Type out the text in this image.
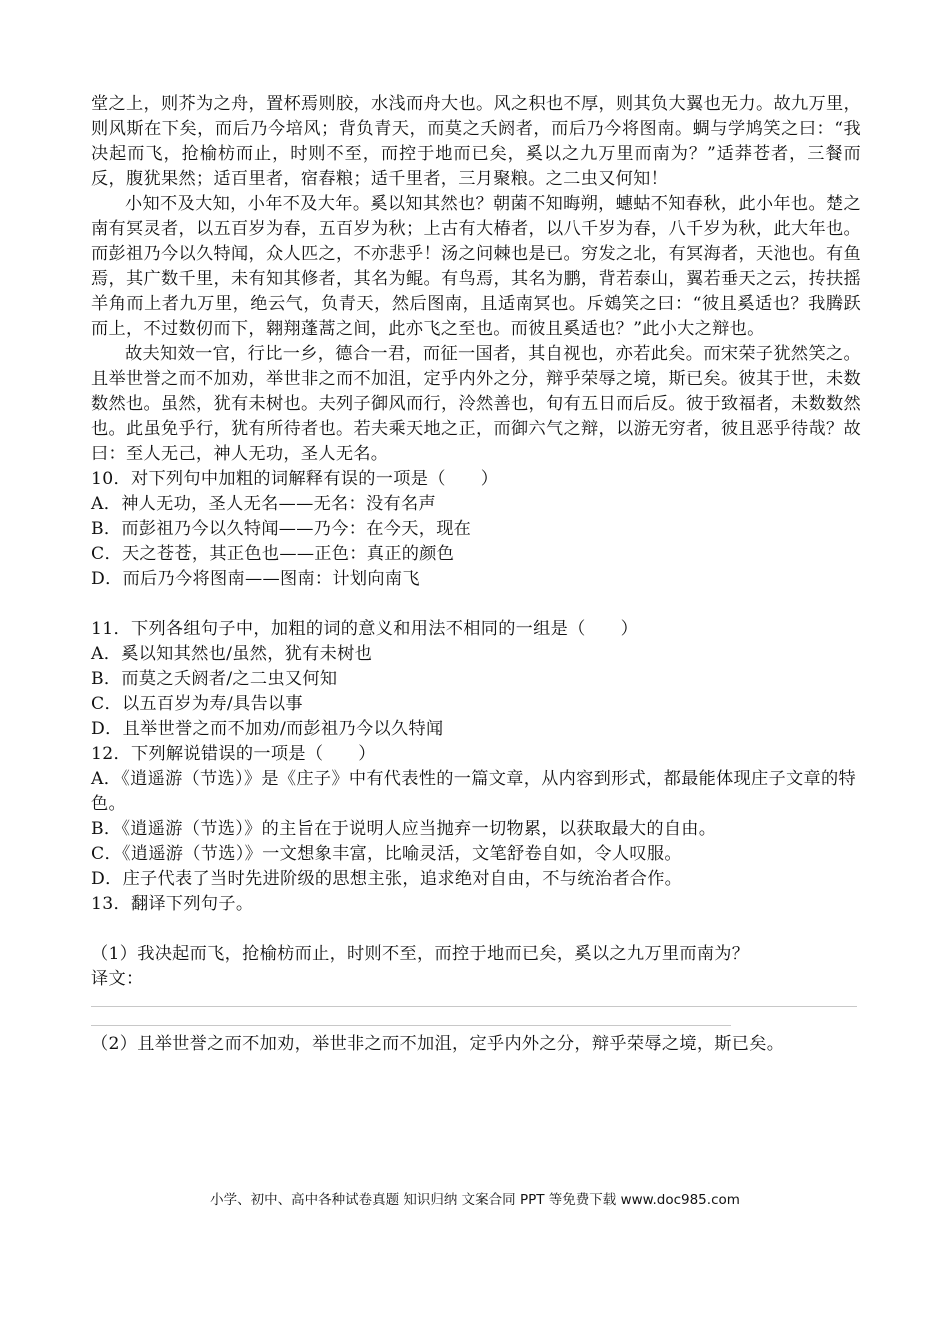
堂之上，则芥为之舟，置杯焉则胶，水浅而舟大也。风之积也不厚，则其负大翼也无力。故九万里，则风斯在下矣，而后乃今培风；背负青天，而莫之夭阏者，而后乃今将图南。蜩与学鸠笑之曰：“我决起而飞，抢榆枋而止，时则不至，而控于地而已矣，奚以之九万里而南为？”适莽苍者，三餐而反，腹犹果然；适百里者，宿舂粮；适千里者，三月聚粮。之二虫又何知！

小知不及大知，小年不及大年。奚以知其然也？朝菌不知晦朔，蟪蛄不知春秋，此小年也。楚之南有冥灵者，以五百岁为春，五百岁为秋；上古有大椿者，以八千岁为春，八千岁为秋，此大年也。而彭祖乃今以久特闻，众人匹之，不亦悲乎！汤之问棘也是已。穷发之北，有冥海者，天池也。有鱼焉，其广数千里，未有知其修者，其名为鲲。有鸟焉，其名为鹏，背若泰山，翼若垂天之云，抟扶摇羊角而上者九万里，绝云气，负青天，然后图南，且适南冥也。斥鴳笑之曰：“彼且奚适也？我腾跃而上，不过数仞而下，翱翔蓬蒿之间，此亦飞之至也。而彼且奚适也？”此小大之辩也。

故夫知效一官，行比一乡，德合一君，而征一国者，其自视也，亦若此矣。而宋荣子犹然笑之。且举世誉之而不加劝，举世非之而不加沮，定乎内外之分，辩乎荣辱之境，斯已矣。彼其于世，未数数然也。虽然，犹有未树也。夫列子御风而行，泠然善也，旬有五日而后反。彼于致福者，未数数然也。此虽免乎行，犹有所待者也。若夫乘天地之正，而御六气之辩，以游无穷者，彼且恶乎待哉？故曰：至人无己，神人无功，圣人无名。

10．对下列句中加粗的词解释有误的一项是（　　）

A．神人无功，圣人无名——无名：没有名声

B．而彭祖乃今以久特闻——乃今：在今天，现在

C．天之苍苍，其正色也——正色：真正的颜色

D．而后乃今将图南——图南：计划向南飞

11．下列各组句子中，加粗的词的意义和用法不相同的一组是（　　）

A．奚以知其然也/虽然，犹有未树也

B．而莫之夭阏者/之二虫又何知

C．以五百岁为寿/具告以事

D．且举世誉之而不加劝/而彭祖乃今以久特闻

12．下列解说错误的一项是（　　）

A．《逍遥游（节选）》是《庄子》中有代表性的一篇文章，从内容到形式，都最能体现庄子文章的特色。

B．《逍遥游（节选）》的主旨在于说明人应当抛弃一切物累，以获取最大的自由。

C．《逍遥游（节选）》一文想象丰富，比喻灵活，文笔舒卷自如，令人叹服。

D．庄子代表了当时先进阶级的思想主张，追求绝对自由，不与统治者合作。

13．翻译下列句子。

（1）我决起而飞，抢榆枋而止，时则不至，而控于地而已矣，奚以之九万里而南为？

译文：

（2）且举世誉之而不加劝，举世非之而不加沮，定乎内外之分，辩乎荣辱之境，斯已矣。

小学、初中、高中各种试卷真题 知识归纳 文案合同 PPT 等免费下载 www.doc985.com
